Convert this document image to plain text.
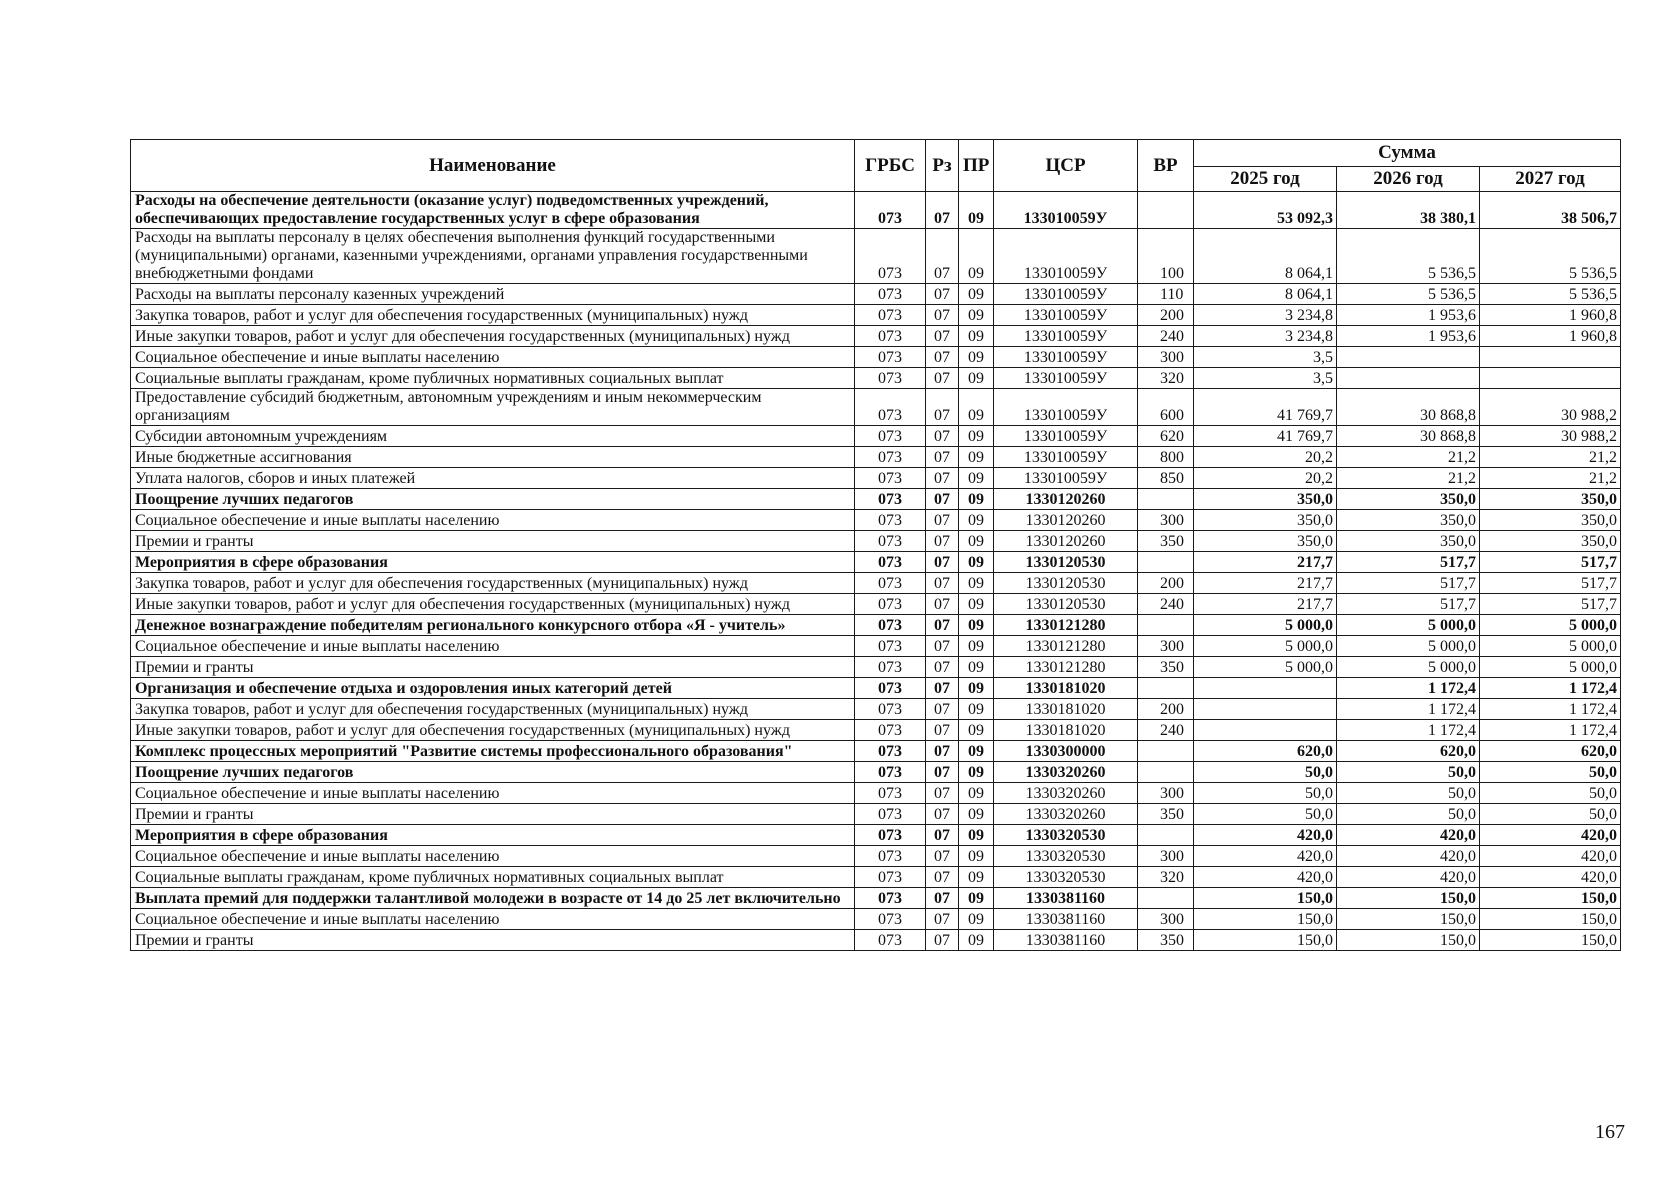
Наименование	ГРБС	Рз	ПР	ЦСР	ВР	Сумма		
						2025 год	2026 год	2027 год
Расходы на обеспечение деятельности (оказание услуг) подведомственных учреждений, обеспечивающих предоставление государственных услуг в сфере образования	073	07	09	133010059У		53 092,3	38 380,1	38 506,7
Расходы на выплаты персоналу в целях обеспечения выполнения функций государственными (муниципальными) органами, казенными учреждениями, органами управления государственными внебюджетными фондами	073	07	09	133010059У	100	8 064,1	5 536,5	5 536,5
Расходы на выплаты персоналу казенных учреждений	073	07	09	133010059У	110	8 064,1	5 536,5	5 536,5
Закупка товаров, работ и услуг для обеспечения государственных (муниципальных) нужд	073	07	09	133010059У	200	3 234,8	1 953,6	1 960,8
Иные закупки товаров, работ и услуг для обеспечения государственных (муниципальных) нужд	073	07	09	133010059У	240	3 234,8	1 953,6	1 960,8
Социальное обеспечение и иные выплаты населению	073	07	09	133010059У	300	3,5		
Социальные выплаты гражданам, кроме публичных нормативных социальных выплат	073	07	09	133010059У	320	3,5		
Предоставление субсидий бюджетным, автономным учреждениям и иным некоммерческим организациям	073	07	09	133010059У	600	41 769,7	30 868,8	30 988,2
Субсидии автономным учреждениям	073	07	09	133010059У	620	41 769,7	30 868,8	30 988,2
Иные бюджетные ассигнования	073	07	09	133010059У	800	20,2	21,2	21,2
Уплата налогов, сборов и иных платежей	073	07	09	133010059У	850	20,2	21,2	21,2
Поощрение лучших педагогов	073	07	09	1330120260		350,0	350,0	350,0
Социальное обеспечение и иные выплаты населению	073	07	09	1330120260	300	350,0	350,0	350,0
Премии и гранты	073	07	09	1330120260	350	350,0	350,0	350,0
Мероприятия в сфере образования	073	07	09	1330120530		217,7	517,7	517,7
Закупка товаров, работ и услуг для обеспечения государственных (муниципальных) нужд	073	07	09	1330120530	200	217,7	517,7	517,7
Иные закупки товаров, работ и услуг для обеспечения государственных (муниципальных) нужд	073	07	09	1330120530	240	217,7	517,7	517,7
Денежное вознаграждение победителям регионального конкурсного отбора «Я - учитель»	073	07	09	1330121280		5 000,0	5 000,0	5 000,0
Социальное обеспечение и иные выплаты населению	073	07	09	1330121280	300	5 000,0	5 000,0	5 000,0
Премии и гранты	073	07	09	1330121280	350	5 000,0	5 000,0	5 000,0
Организация и обеспечение отдыха и оздоровления иных категорий детей	073	07	09	1330181020			1 172,4	1 172,4
Закупка товаров, работ и услуг для обеспечения государственных (муниципальных) нужд	073	07	09	1330181020	200		1 172,4	1 172,4
Иные закупки товаров, работ и услуг для обеспечения государственных (муниципальных) нужд	073	07	09	1330181020	240		1 172,4	1 172,4
Комплекс процессных мероприятий "Развитие системы профессионального образования"	073	07	09	1330300000		620,0	620,0	620,0
Поощрение лучших педагогов	073	07	09	1330320260		50,0	50,0	50,0
Социальное обеспечение и иные выплаты населению	073	07	09	1330320260	300	50,0	50,0	50,0
Премии и гранты	073	07	09	1330320260	350	50,0	50,0	50,0
Мероприятия в сфере образования	073	07	09	1330320530		420,0	420,0	420,0
Социальное обеспечение и иные выплаты населению	073	07	09	1330320530	300	420,0	420,0	420,0
Социальные выплаты гражданам, кроме публичных нормативных социальных выплат	073	07	09	1330320530	320	420,0	420,0	420,0
Выплата премий для поддержки талантливой молодежи в возрасте от 14 до 25 лет включительно	073	07	09	1330381160		150,0	150,0	150,0
Социальное обеспечение и иные выплаты населению	073	07	09	1330381160	300	150,0	150,0	150,0
Премии и гранты	073	07	09	1330381160	350	150,0	150,0	150,0
167
